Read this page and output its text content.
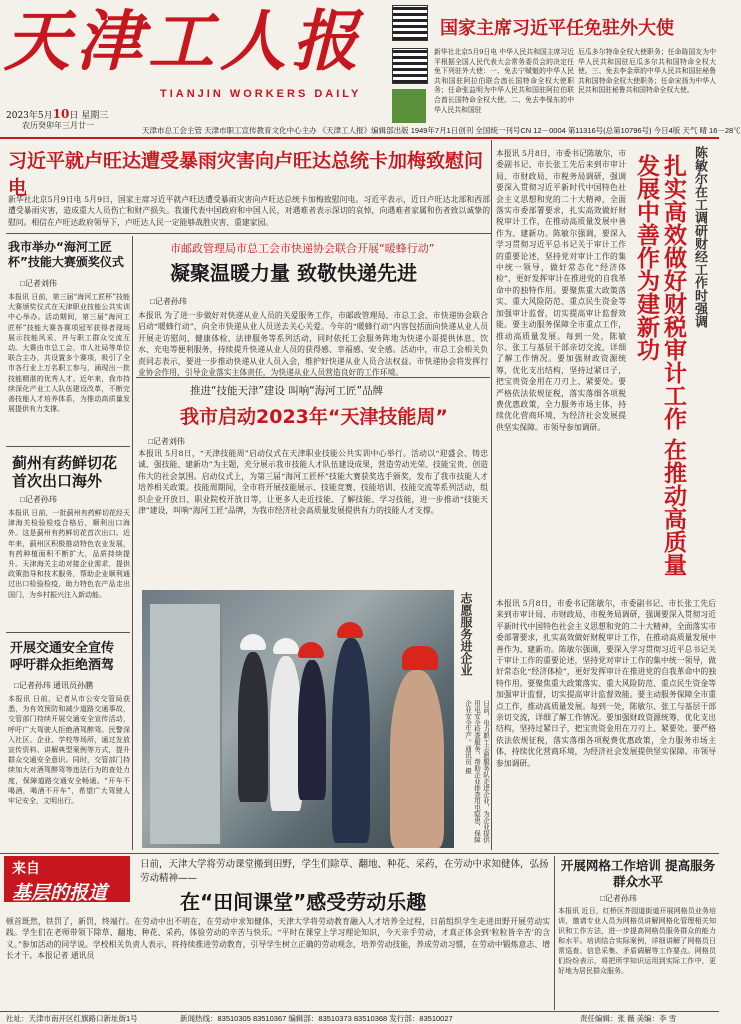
天津工人报
TIANJIN WORKERS DAILY
2023年5月10日 星期三
农历癸卯年三月廿一
国家主席习近平任免驻外大使
新华社北京5月9日电 中华人民共和国主席习近平根据全国人民代表大会常务委员会的决定任免下列驻外大使：一、免去宁赋魁的中华人民共和国驻阿拉伯联合酋长国特命全权大使职务；任命张益明为中华人民共和国驻阿拉伯联合酋长国特命全权大使。二、免去李保东的中华人民共和国驻
厄瓜多尔特命全权大使职务；任命陈国友为中华人民共和国驻厄瓜多尔共和国特命全权大使。三、免去李金章的中华人民共和国驻秘鲁共和国特命全权大使职务；任命宋扬为中华人民共和国驻秘鲁共和国特命全权大使。
天津市总工会主管 天津市职工宣传教育文化中心主办 《天津工人报》编辑部出版 1949年7月1日创刊 全国统一刊号CN 12－0004 第11316号(总第10796号) 今日4版 天气 晴 16－28℃
习近平就卢旺达遭受暴雨灾害向卢旺达总统卡加梅致慰问电
新华社北京5月9日电 5月9日，国家主席习近平就卢旺达遭受暴雨灾害向卢旺达总统卡加梅致慰问电。习近平表示，近日卢旺达北部和西部遭受暴雨灾害，造成重大人员伤亡和财产损失。我谨代表中国政府和中国人民，对遇难者表示深切的哀悼，向遇难者家属和伤者致以诚挚的慰问。相信在卢旺达政府领导下，卢旺达人民一定能够战胜灾害、重建家园。	陈敏尔在工调研财经工作时强调
扎实高效做好财税审计工作 在推动高质量发展中善作为建新功
本报讯 5月8日，市委书记陈敏尔，市委副书记、市长张工先后来到市审计局、市财政局、市税务局调研，强调要深入贯彻习近平新时代中国特色社会主义思想和党的二十大精神，全面落实市委部署要求，扎实高效做好财税审计工作，在推动高质量发展中善作为、建新功。陈敏尔强调，要深入学习贯彻习近平总书记关于审计工作的重要论述，坚持党对审计工作的集中统一领导，做好常态化“经济体检”，更好发挥审计在推进党的自我革命中的独特作用。要聚焦重大政策落实、重大风险防范、重点民生资金等加强审计监督，切实提高审计监督效能。要主动服务保障全市重点工作，推动高质量发展。每到一处，陈敏尔、张工与基层干部亲切交流，详细了解工作情况。要加强财政资源统筹，优化支出结构，坚持过紧日子，把宝贵资金用在刀刃上、紧要处。要严格依法依规征税，落实落细各项税费优惠政策，全力服务市场主体，持续优化营商环境，为经济社会发展提供坚实保障。市领导参加调研。
本报讯 5月8日，市委书记陈敏尔，市委副书记、市长张工先后来到市审计局、市财政局、市税务局调研，强调要深入贯彻习近平新时代中国特色社会主义思想和党的二十大精神，全面落实市委部署要求，扎实高效做好财税审计工作，在推动高质量发展中善作为、建新功。陈敏尔强调，要深入学习贯彻习近平总书记关于审计工作的重要论述，坚持党对审计工作的集中统一领导，做好常态化“经济体检”，更好发挥审计在推进党的自我革命中的独特作用。要聚焦重大政策落实、重大风险防范、重点民生资金等加强审计监督，切实提高审计监督效能。要主动服务保障全市重点工作，推动高质量发展。每到一处，陈敏尔、张工与基层干部亲切交流，详细了解工作情况。要加强财政资源统筹，优化支出结构，坚持过紧日子，把宝贵资金用在刀刃上、紧要处。要严格依法依规征税，落实落细各项税费优惠政策，全力服务市场主体，持续优化营商环境，为经济社会发展提供坚实保障。市领导参加调研。
我市举办“海河工匠杯”技能大赛颁奖仪式
□记者刘伟
本报讯 日前，第三届“海河工匠杯”技能大赛颁奖仪式在天津职业技能公共实训中心举办。活动期间，第三届“海河工匠杯”技能大赛各赛项冠军获得者现场展示技能风采，并与职工群众交流互动。大赛由市总工会、市人社局等单位联合主办，共设置多个赛项，吸引了全市各行业上万名职工参与，涌现出一批技能精湛的优秀人才。近年来，我市持续深化产业工人队伍建设改革，不断完善技能人才培养体系，为推动高质量发展提供有力支撑。
蓟州有药鲜切花首次出口海外
□记者孙玮
本报讯 日前，一批蓟州有药鲜切花经天津海关检验检疫合格后，顺利出口海外。这是蓟州有药鲜切花首次出口。近年来，蓟州区积极推动特色农业发展，有药种植面积不断扩大，品质持续提升。天津海关主动对接企业需求，提供政策指导和技术服务，帮助企业顺利通过出口检验检疫，助力特色农产品走出国门，为乡村振兴注入新动能。
开展交通安全宣传 呼吁群众拒绝酒驾
□记者孙玮 通讯员孙鹏
本报讯 日前，记者从市公安交管局获悉，为有效预防和减少道路交通事故，交管部门持续开展交通安全宣传活动，呼吁广大驾驶人拒绝酒驾醉驾。民警深入社区、企业、学校等场所，通过发放宣传资料、讲解典型案例等方式，提升群众交通安全意识。同时，交管部门持续加大对酒驾醉驾等违法行为的查处力度，保障道路交通安全畅通。“开车不喝酒，喝酒不开车”，希望广大驾驶人牢记安全，文明出行。
市邮政管理局市总工会市快递协会联合开展“暖蜂行动”
凝聚温暖力量 致敬快递先进
□记者孙玮
本报讯 为了进一步做好对快递从业人员的关爱服务工作，市邮政管理局、市总工会、市快递协会联合启动“暖蜂行动”，向全市快递从业人员送去关心关爱。今年的“暖蜂行动”内容包括面向快递从业人员开展走访慰问、健康体检、法律服务等系列活动，同时依托工会服务阵地为快递小哥提供休息、饮水、充电等便利服务，持续提升快递从业人员的获得感、幸福感、安全感。活动中，市总工会相关负责同志表示，要进一步推动快递从业人员入会，维护好快递从业人员合法权益。市快递协会将发挥行业协会作用，引导企业落实主体责任，为快递从业人员营造良好的工作环境。
推进“技能天津”建设 叫响“海河工匠”品牌
我市启动2023年“天津技能周”
□记者刘伟
本报讯 5月8日，“天津技能周”启动仪式在天津职业技能公共实训中心举行。活动以“迎盛会、铸忠诚、强技能、建新功”为主题，充分展示我市技能人才队伍建设成果，营造劳动光荣、技能宝贵、创造伟大的社会氛围。启动仪式上，为第三届“海河工匠杯”技能大赛获奖选手颁奖，发布了我市技能人才培养相关政策。技能周期间，全市将开展技能展示、技能竞赛、技能培训、技能交流等系列活动，组织企业开放日、职业院校开放日等，让更多人走近技能、了解技能、学习技能，进一步推动“技能天津”建设，叫响“海河工匠”品牌，为我市经济社会高质量发展提供有力的技能人才支撑。
志愿服务进企业
日前，电力职工志愿服务队走进企业，为企业提供用电安全检查服务，帮助企业排查用电隐患，保障企业安全生产。通讯员 摄
来自
基层的报道
日前，天津大学将劳动课堂搬到田野，学生们除草、翻地、种花、采药，在劳动中求知健体，弘扬劳动精神——
在“田间课堂”感受劳动乐趣
顿首既然，铁罚了，新罚，终端行。在劳动中出不明在，在劳动中求知健体，天津大学将劳动教育融入人才培养全过程，日前组织学生走进田野开展劳动实践。学生们在老师带领下除草、翻地、种花、采药，体验劳动的辛苦与快乐。“平时在课堂上学习理论知识，今天亲手劳动，才真正体会到‘粒粒皆辛苦’的含义。”参加活动的同学说。学校相关负责人表示，将持续推进劳动教育，引导学生树立正确的劳动观念，培养劳动技能，养成劳动习惯，在劳动中锻炼意志、增长才干。本报记者 通讯员
开展网格工作培训 提高服务群众水平
□记者孙玮
本报讯 近日，红桥区芥园道街道开展网格员业务培训，邀请专业人员为网格员讲解网格化管理相关知识和工作方法，进一步提高网格员服务群众的能力和水平。培训结合实际案例，详细讲解了网格员日常巡查、信息采集、矛盾调解等工作要点。网格员们纷纷表示，将把所学知识运用到实际工作中，更好地为居民群众服务。
社址：天津市南开区红旗路口新址街1号	新闻热线：83510305 83510367 编辑部：83510373 83510368 发行部：83510027	责任编辑：张 薇 美编：李 雪
